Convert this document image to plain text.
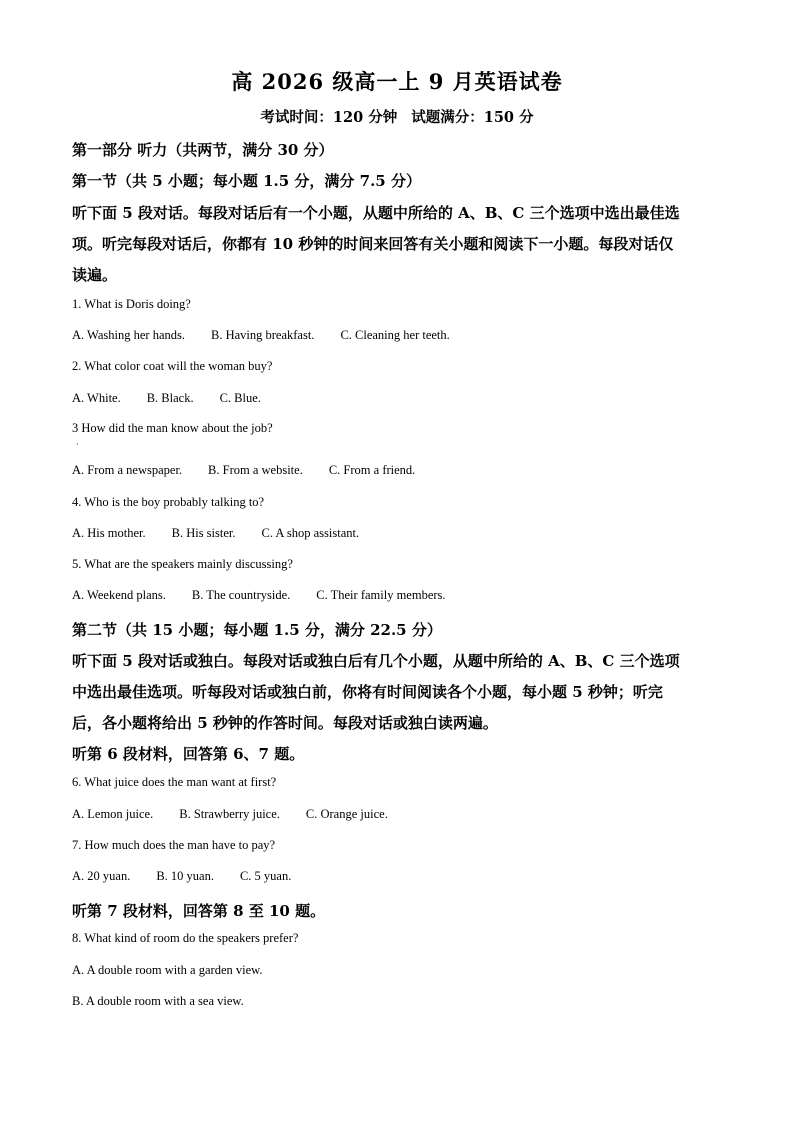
高 2026 级高一上 9 月英语试卷
考试时间：120 分钟 试题满分：150 分
第一部分 听力（共两节，满分 30 分）
第一节（共 5 小题；每小题 1.5 分，满分 7.5 分）
听下面 5 段对话。每段对话后有一个小题，从题中所给的 A、B、C 三个选项中选出最佳选
项。听完每段对话后，你都有 10 秒钟的时间来回答有关小题和阅读下一小题。每段对话仅
读遍。
1. What is Doris doing?
A. Washing her hands. B. Having breakfast. C. Cleaning her teeth.
2. What color coat will the woman buy?
A. White. B. Black. C. Blue.
3 How did the man know about the job?
·
A. From a newspaper. B. From a website. C. From a friend.
4. Who is the boy probably talking to?
A. His mother. B. His sister. C. A shop assistant.
5. What are the speakers mainly discussing?
A. Weekend plans. B. The countryside. C. Their family members.
第二节（共 15 小题；每小题 1.5 分，满分 22.5 分）
听下面 5 段对话或独白。每段对话或独白后有几个小题，从题中所给的 A、B、C 三个选项
中选出最佳选项。听每段对话或独白前，你将有时间阅读各个小题，每小题 5 秒钟；听完
后，各小题将给出 5 秒钟的作答时间。每段对话或独白读两遍。
听第 6 段材料，回答第 6、7 题。
6. What juice does the man want at first?
A. Lemon juice. B. Strawberry juice. C. Orange juice.
7. How much does the man have to pay?
A. 20 yuan. B. 10 yuan. C. 5 yuan.
听第 7 段材料，回答第 8 至 10 题。
8. What kind of room do the speakers prefer?
A. A double room with a garden view.
B. A double room with a sea view.
